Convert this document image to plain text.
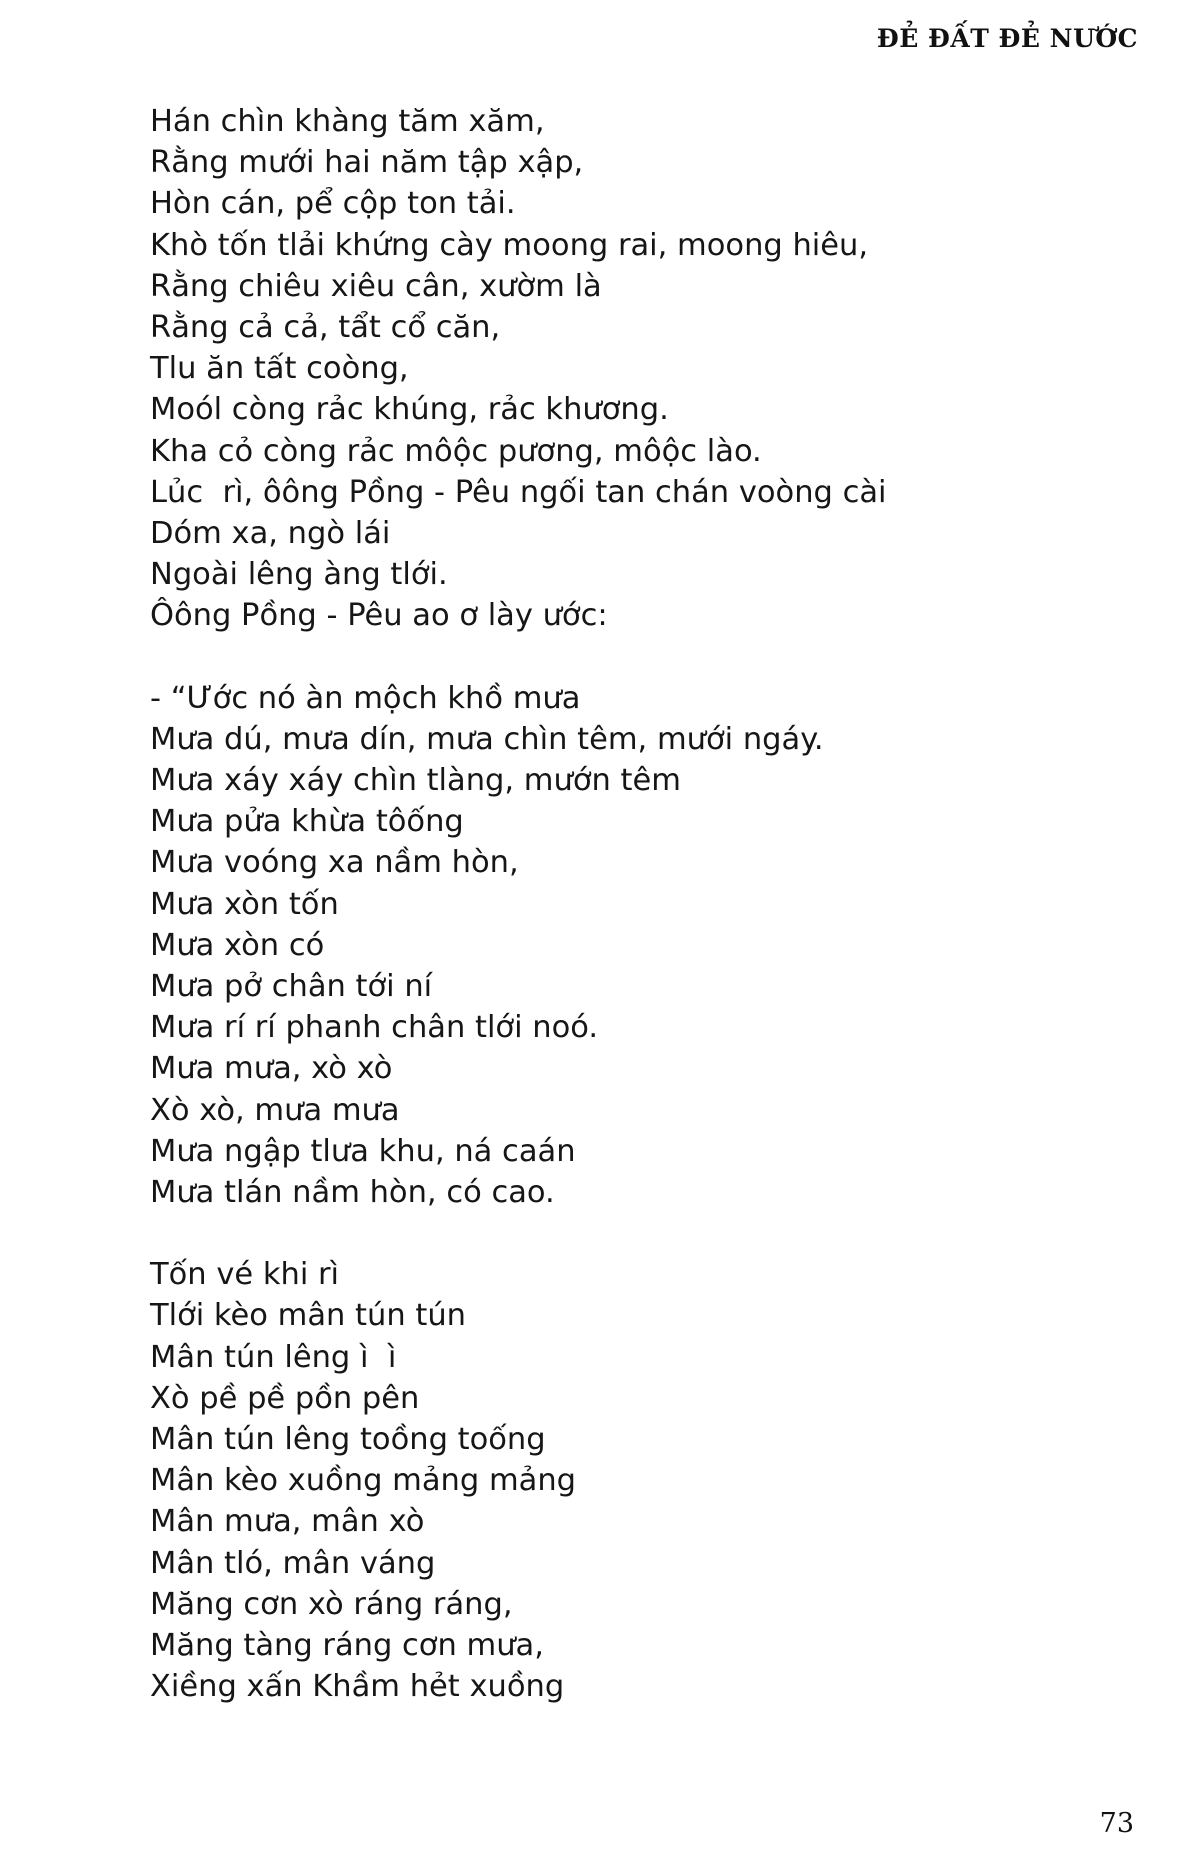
ĐẺ ĐẤT ĐẺ NƯỚC
Hán chìn khàng tăm xăm,
Rằng mưới hai năm tập xập,
Hòn cán, pể cộp ton tải.
Khò tốn tlải khứng cày moong rai, moong hiêu,
Rằng chiêu xiêu cân, xườm là
Rằng cả cả, tẩt cổ căn,
Tlu ăn tất coòng,
Moól còng rảc khúng, rảc khương.
Kha cỏ còng rảc môộc pương, môộc lào.
Lủc  rì, ôông Pồng - Pêu ngối tan chán voòng cài
Dóm xa, ngò lái
Ngoài lêng àng tlới.
Ôông Pồng - Pêu ao ơ lày ước:
- “Ước nó àn mộch khồ mưa
Mưa dú, mưa dín, mưa chìn têm, mưới ngáy.
Mưa xáy xáy chìn tlàng, mướn têm
Mưa pửa khừa tôống
Mưa voóng xa nầm hòn,
Mưa xòn tốn
Mưa xòn có
Mưa pở chân tới ní
Mưa rí rí phanh chân tlới noó.
Mưa mưa, xò xò
Xò xò, mưa mưa
Mưa ngập tlưa khu, ná caán
Mưa tlán nầm hòn, có cao.
Tốn vé khi rì
Tlới kèo mân tún tún
Mân tún lêng ì  ì
Xò pề pề pồn pên
Mân tún lêng toồng toống
Mân kèo xuồng mảng mảng
Mân mưa, mân xò
Mân tló, mân váng
Măng cơn xò ráng ráng,
Măng tàng ráng cơn mưa,
Xiềng xấn Khầm hẻt xuồng
73
